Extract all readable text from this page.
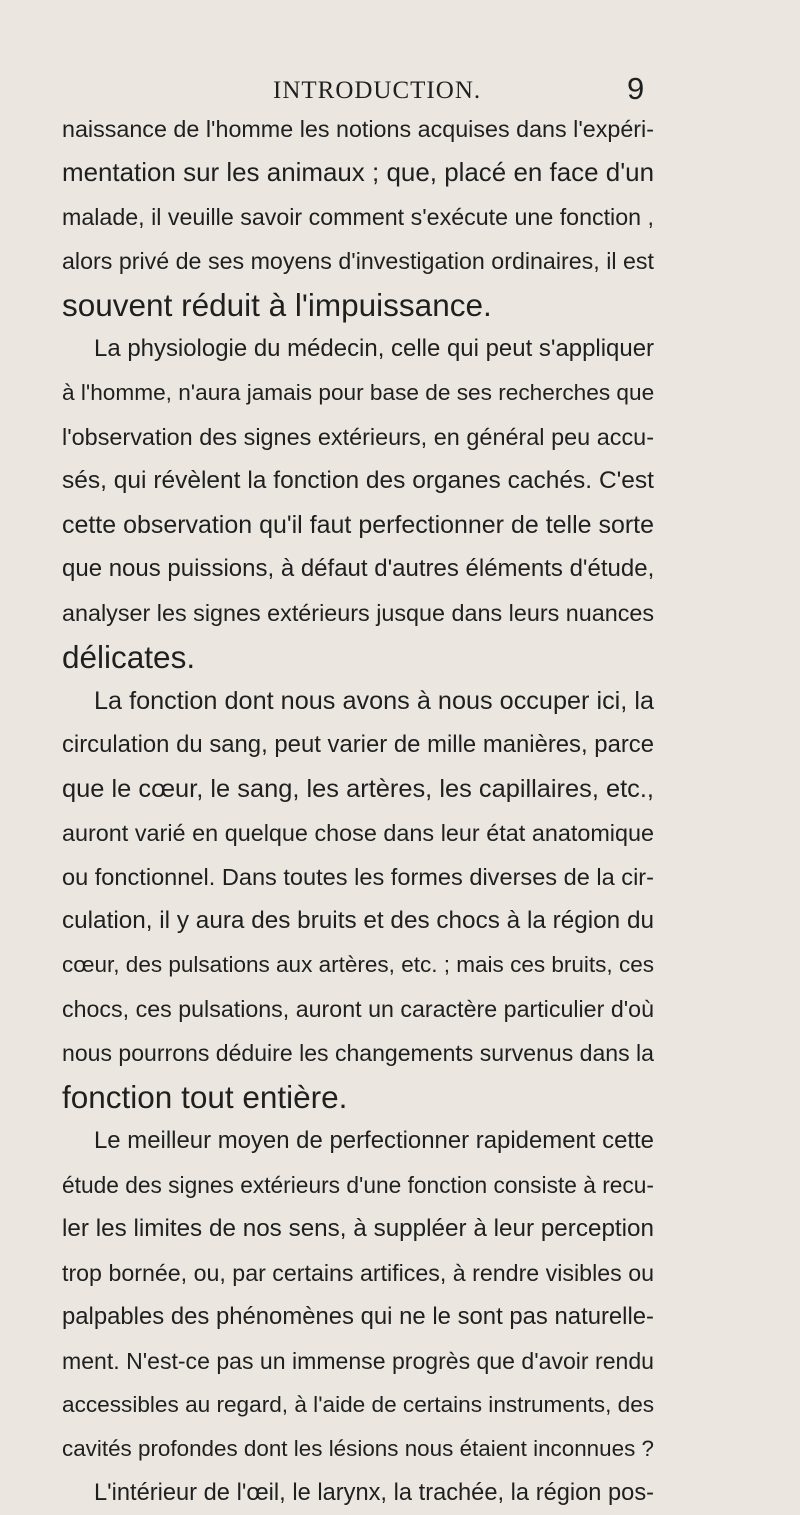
INTRODUCTION.	9
naissance de l'homme les notions acquises dans l'expéri-
mentation sur les animaux ; que, placé en face d'un
malade, il veuille savoir comment s'exécute une fonction ,
alors privé de ses moyens d'investigation ordinaires, il est
souvent réduit à l'impuissance.
La physiologie du médecin, celle qui peut s'appliquer
à l'homme, n'aura jamais pour base de ses recherches que
l'observation des signes extérieurs, en général peu accu-
sés, qui révèlent la fonction des organes cachés. C'est
cette observation qu'il faut perfectionner de telle sorte
que nous puissions, à défaut d'autres éléments d'étude,
analyser les signes extérieurs jusque dans leurs nuances
délicates.
La fonction dont nous avons à nous occuper ici, la
circulation du sang, peut varier de mille manières, parce
que le cœur, le sang, les artères, les capillaires, etc.,
auront varié en quelque chose dans leur état anatomique
ou fonctionnel. Dans toutes les formes diverses de la cir-
culation, il y aura des bruits et des chocs à la région du
cœur, des pulsations aux artères, etc. ; mais ces bruits, ces
chocs, ces pulsations, auront un caractère particulier d'où
nous pourrons déduire les changements survenus dans la
fonction tout entière.
Le meilleur moyen de perfectionner rapidement cette
étude des signes extérieurs d'une fonction consiste à recu-
ler les limites de nos sens, à suppléer à leur perception
trop bornée, ou, par certains artifices, à rendre visibles ou
palpables des phénomènes qui ne le sont pas naturelle-
ment. N'est-ce pas un immense progrès que d'avoir rendu
accessibles au regard, à l'aide de certains instruments, des
cavités profondes dont les lésions nous étaient inconnues ?
L'intérieur de l'œil, le larynx, la trachée, la région pos-
